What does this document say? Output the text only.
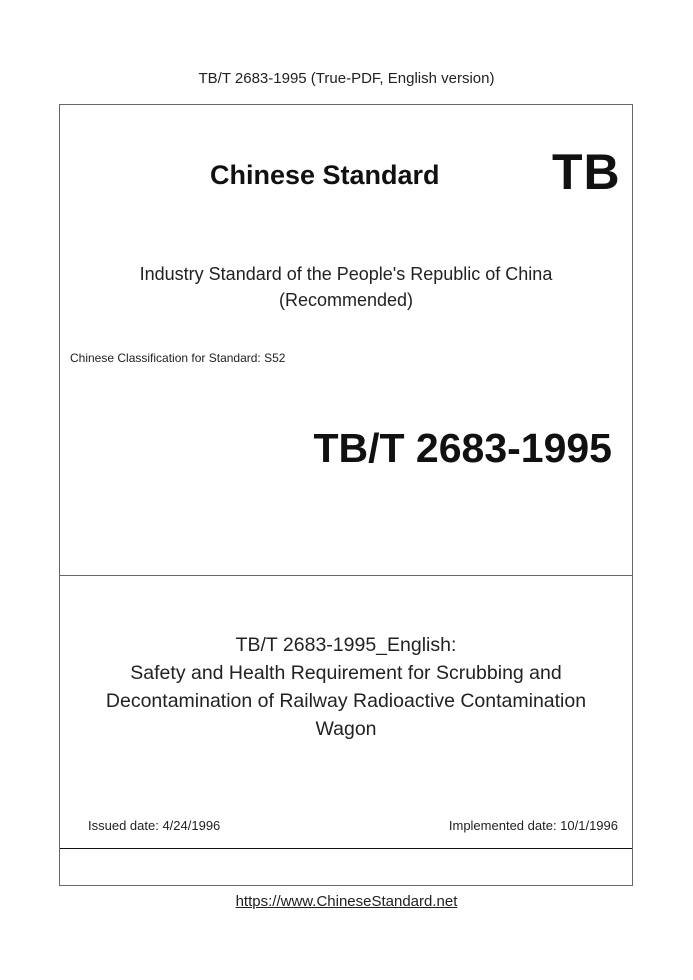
TB/T 2683-1995 (True-PDF, English version)
Chinese Standard TB
Industry Standard of the People's Republic of China
(Recommended)
Chinese Classification for Standard: S52
TB/T 2683-1995
TB/T 2683-1995_English:
Safety and Health Requirement for Scrubbing and
Decontamination of Railway Radioactive Contamination
Wagon
Issued date: 4/24/1996	Implemented date: 10/1/1996
https://www.ChineseStandard.net
